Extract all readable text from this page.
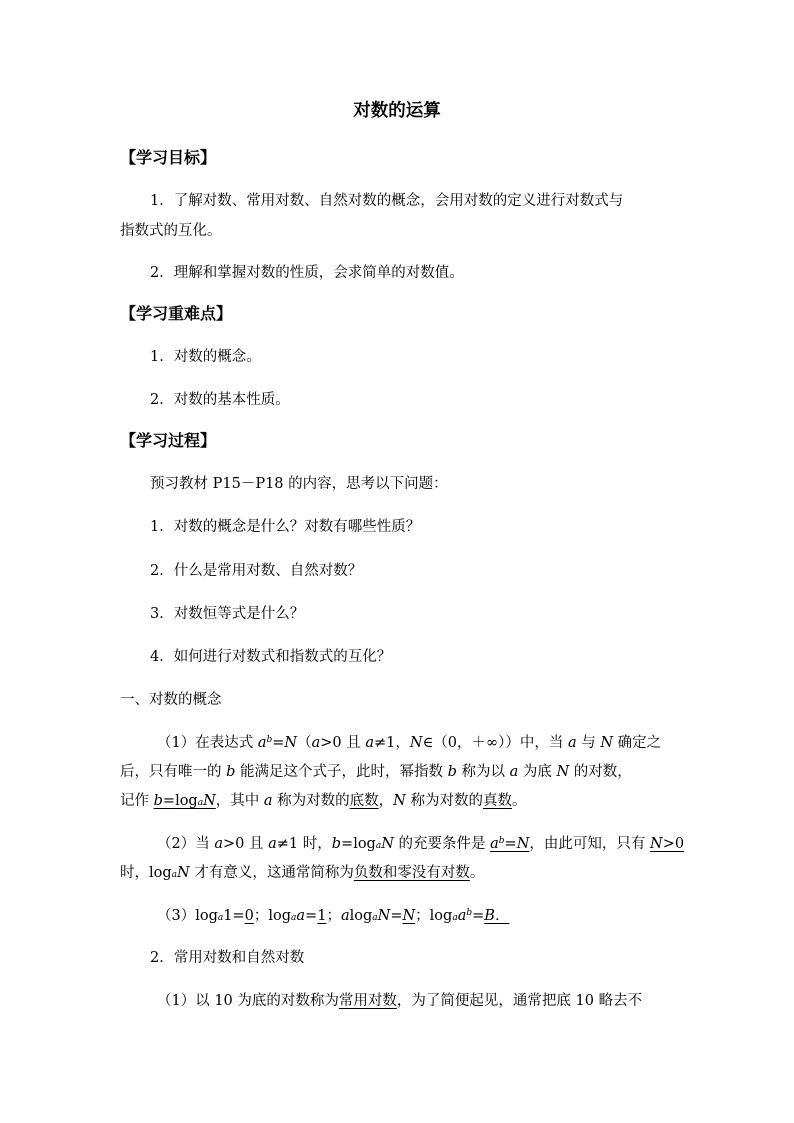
对数的运算
【学习目标】
1．了解对数、常用对数、自然对数的概念，会用对数的定义进行对数式与
指数式的互化。
2．理解和掌握对数的性质，会求简单的对数值。
【学习重难点】
1．对数的概念。
2．对数的基本性质。
【学习过程】
预习教材 P15－P18 的内容，思考以下问题：
1．对数的概念是什么？对数有哪些性质？
2．什么是常用对数、自然对数？
3．对数恒等式是什么？
4．如何进行对数式和指数式的互化？
一、对数的概念
（1）在表达式 $a^b=N(a>0$ 且 a≠1，N∈（0，＋∞））中，当 a 与 N 确定之
后，只有唯一的 b 能满足这个式子，此时，幂指数 b 称为以 a 为底 N 的对数，
记作 $b=\log_aN$，其中 a 称为对数的底数，N 称为对数的真数。
（2）当 a>0 且 a≠1 时，$b=\log_aN$ 的充要条件是 $a^b=N$，由此可知，只有 N>0
时，$\log_aN$ 才有意义，这通常简称为负数和零没有对数。
$(3)\log_a1=0$；$\log_aa=1$；alog$_a$N=N；$\log_aa^b=B$．
2．常用对数和自然对数
（1）以 10 为底的对数称为常用对数，为了简便起见，通常把底 10 略去不
